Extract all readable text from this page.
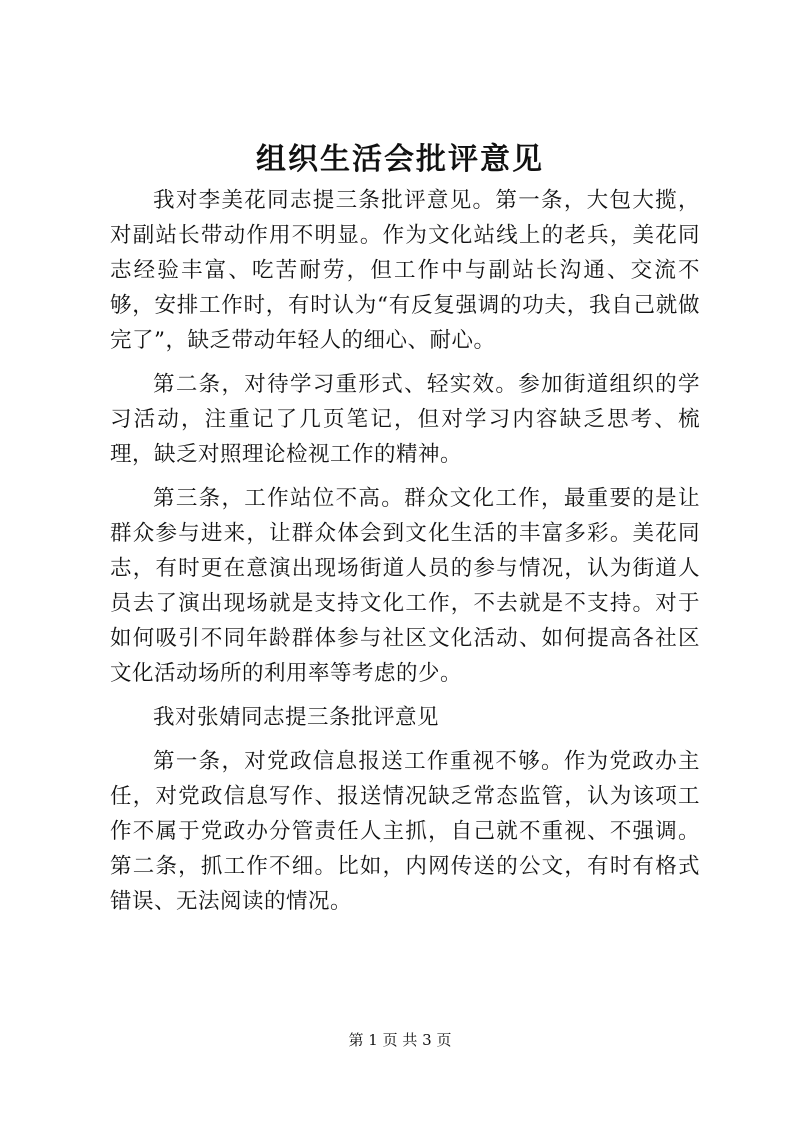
组织生活会批评意见

我对李美花同志提三条批评意见。第一条，大包大揽，对副站长带动作用不明显。作为文化站线上的老兵，美花同志经验丰富、吃苦耐劳，但工作中与副站长沟通、交流不够，安排工作时，有时认为“有反复强调的功夫，我自己就做完了”，缺乏带动年轻人的细心、耐心。

第二条，对待学习重形式、轻实效。参加街道组织的学习活动，注重记了几页笔记，但对学习内容缺乏思考、梳理，缺乏对照理论检视工作的精神。

第三条，工作站位不高。群众文化工作，最重要的是让群众参与进来，让群众体会到文化生活的丰富多彩。美花同志，有时更在意演出现场街道人员的参与情况，认为街道人员去了演出现场就是支持文化工作，不去就是不支持。对于如何吸引不同年龄群体参与社区文化活动、如何提高各社区文化活动场所的利用率等考虑的少。

我对张婧同志提三条批评意见

第一条，对党政信息报送工作重视不够。作为党政办主任，对党政信息写作、报送情况缺乏常态监管，认为该项工作不属于党政办分管责任人主抓，自己就不重视、不强调。第二条，抓工作不细。比如，内网传送的公文，有时有格式错误、无法阅读的情况。

第 1 页 共 3 页
